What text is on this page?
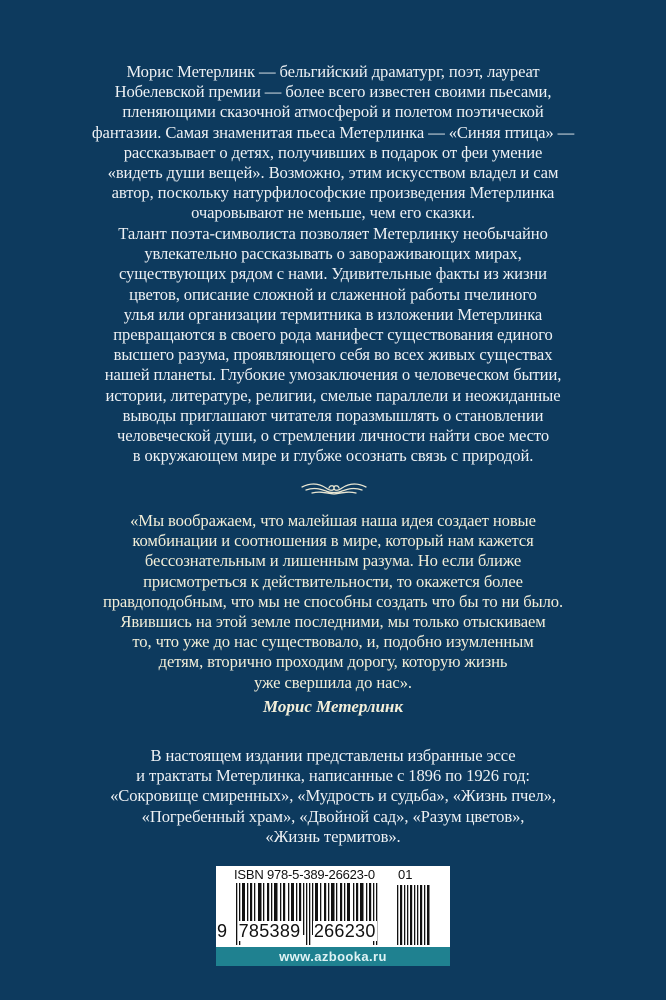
Морис Метерлинк — бельгийский драматург, поэт, лауреат
Нобелевской премии — более всего известен своими пьесами,
пленяющими сказочной атмосферой и полетом поэтической
фантазии. Самая знаменитая пьеса Метерлинка — «Синяя птица» —
рассказывает о детях, получивших в подарок от феи умение
«видеть души вещей». Возможно, этим искусством владел и сам
автор, поскольку натурфилософские произведения Метерлинка
очаровывают не меньше, чем его сказки.
Талант поэта-символиста позволяет Метерлинку необычайно
увлекательно рассказывать о завораживающих мирах,
существующих рядом с нами. Удивительные факты из жизни
цветов, описание сложной и слаженной работы пчелиного
улья или организации термитника в изложении Метерлинка
превращаются в своего рода манифест существования единого
высшего разума, проявляющего себя во всех живых существах
нашей планеты. Глубокие умозаключения о человеческом бытии,
истории, литературе, религии, смелые параллели и неожиданные
выводы приглашают читателя поразмышлять о становлении
человеческой души, о стремлении личности найти свое место
в окружающем мире и глубже осознать связь с природой.
«Мы воображаем, что малейшая наша идея создает новые
комбинации и соотношения в мире, который нам кажется
бессознательным и лишенным разума. Но если ближе
присмотреться к действительности, то окажется более
правдоподобным, что мы не способны создать что бы то ни было.
Явившись на этой земле последними, мы только отыскиваем
то, что уже до нас существовало, и, подобно изумленным
детям, вторично проходим дорогу, которую жизнь
уже свершила до нас».
Морис Метерлинк
В настоящем издании представлены избранные эссе
и трактаты Метерлинка, написанные с 1896 по 1926 год:
«Сокровище смиренных», «Мудрость и судьба», «Жизнь пчел»,
«Погребенный храм», «Двойной сад», «Разум цветов»,
«Жизнь термитов».
ISBN 978-5-389-26623-0 01
9 785389 266230
www.azbooka.ru
